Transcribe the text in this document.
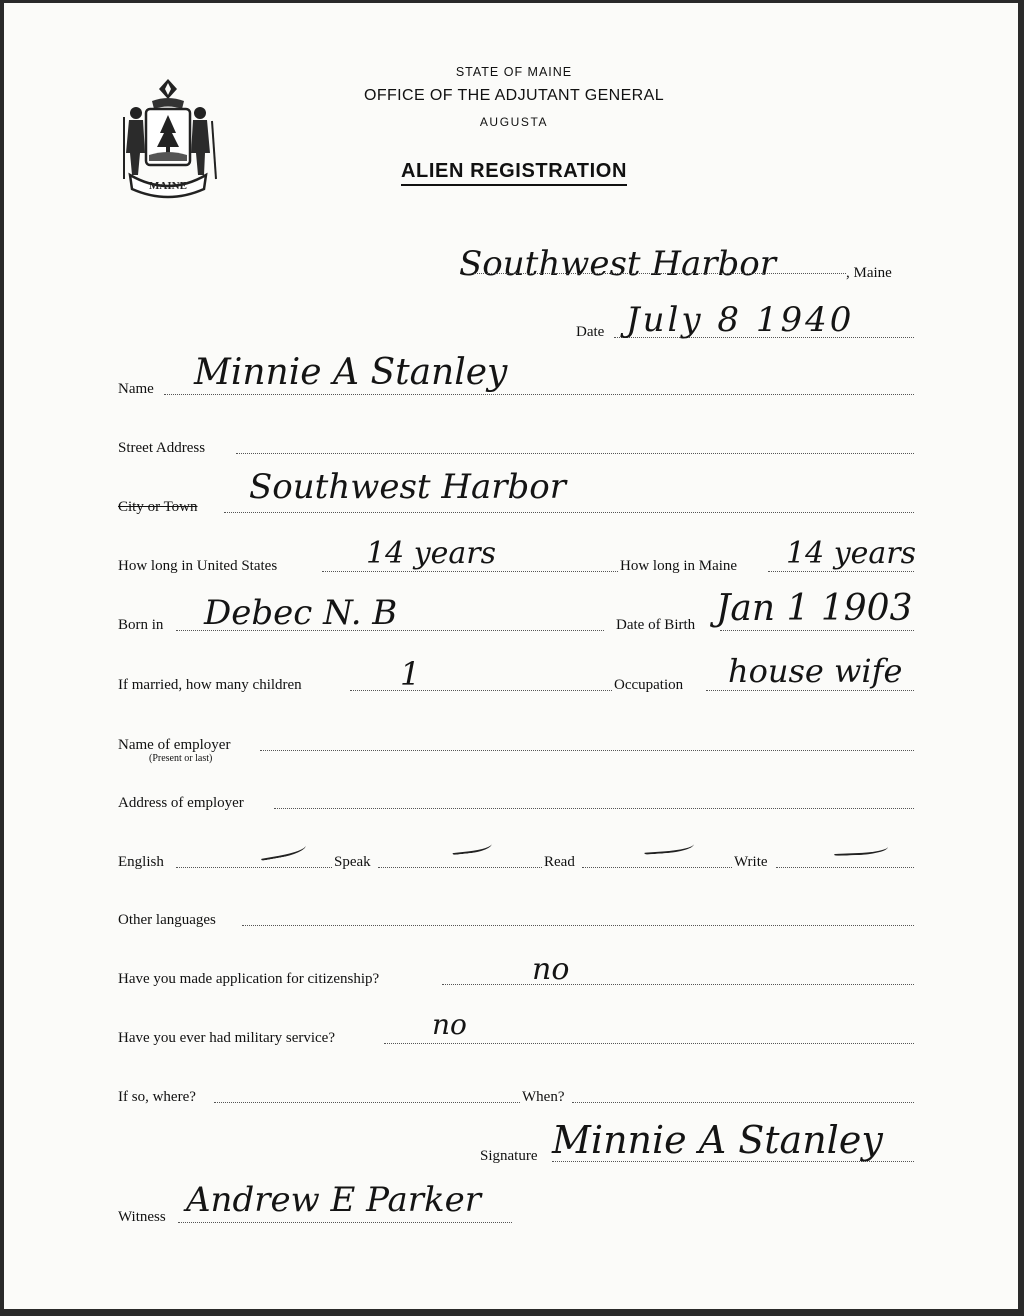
MAINE
STATE OF MAINE
OFFICE OF THE ADJUTANT GENERAL
AUGUSTA
ALIEN REGISTRATION
Southwest Harbor	, Maine
Date July 8 1940
Name Minnie A Stanley
Street Address
City or Town Southwest Harbor
How long in United States	14 years	How long in Maine 14 years
Born in Debec N. B	Date of Birth Jan 1 1903
If married, how many children	1	Occupation house wife
Name of employer
(Present or last)
Address of employer
English	Speak	Read	Write
Other languages
Have you made application for citizenship?	no
Have you ever had military service?	no
If so, where?	When?
Signature Minnie A Stanley
Witness Andrew E Parker
